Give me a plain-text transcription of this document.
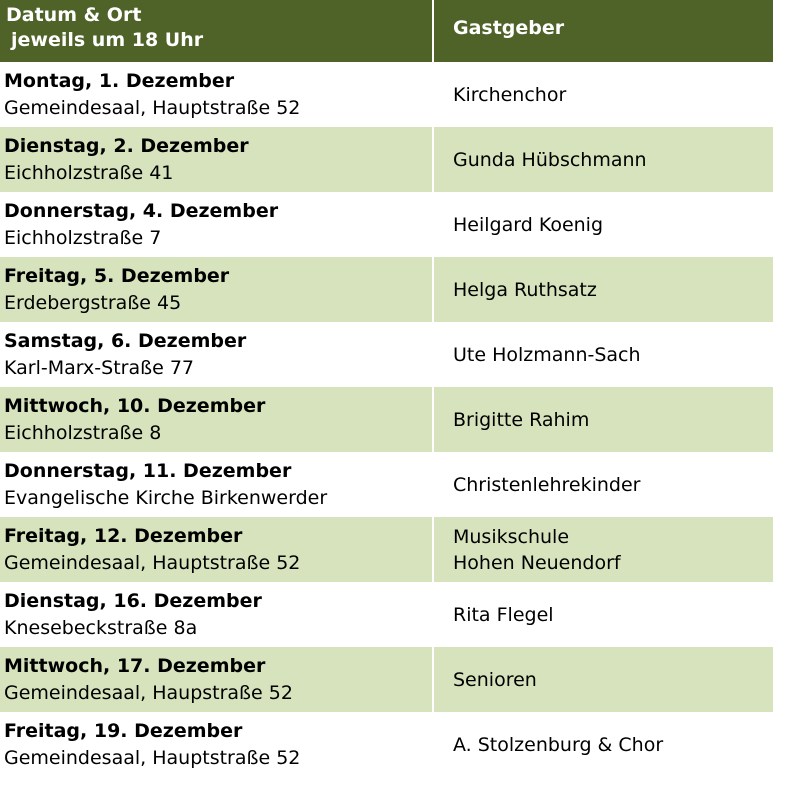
Datum & Ort
jeweils um 18 Uhr
Gastgeber
Montag, 1. Dezember
Gemeindesaal, Hauptstraße 52
Kirchenchor
Dienstag, 2. Dezember
Eichholzstraße 41
Gunda Hübschmann
Donnerstag, 4. Dezember
Eichholzstraße 7
Heilgard Koenig
Freitag, 5. Dezember
Erdebergstraße 45
Helga Ruthsatz
Samstag, 6. Dezember
Karl-Marx-Straße 77
Ute Holzmann-Sach
Mittwoch, 10. Dezember
Eichholzstraße 8
Brigitte Rahim
Donnerstag, 11. Dezember
Evangelische Kirche Birkenwerder
Christenlehrekinder
Freitag, 12. Dezember
Gemeindesaal, Hauptstraße 52
Musikschule
Hohen Neuendorf
Dienstag, 16. Dezember
Knesebeckstraße 8a
Rita Flegel
Mittwoch, 17. Dezember
Gemeindesaal, Haupstraße 52
Senioren
Freitag, 19. Dezember
Gemeindesaal, Hauptstraße 52
A. Stolzenburg & Chor
